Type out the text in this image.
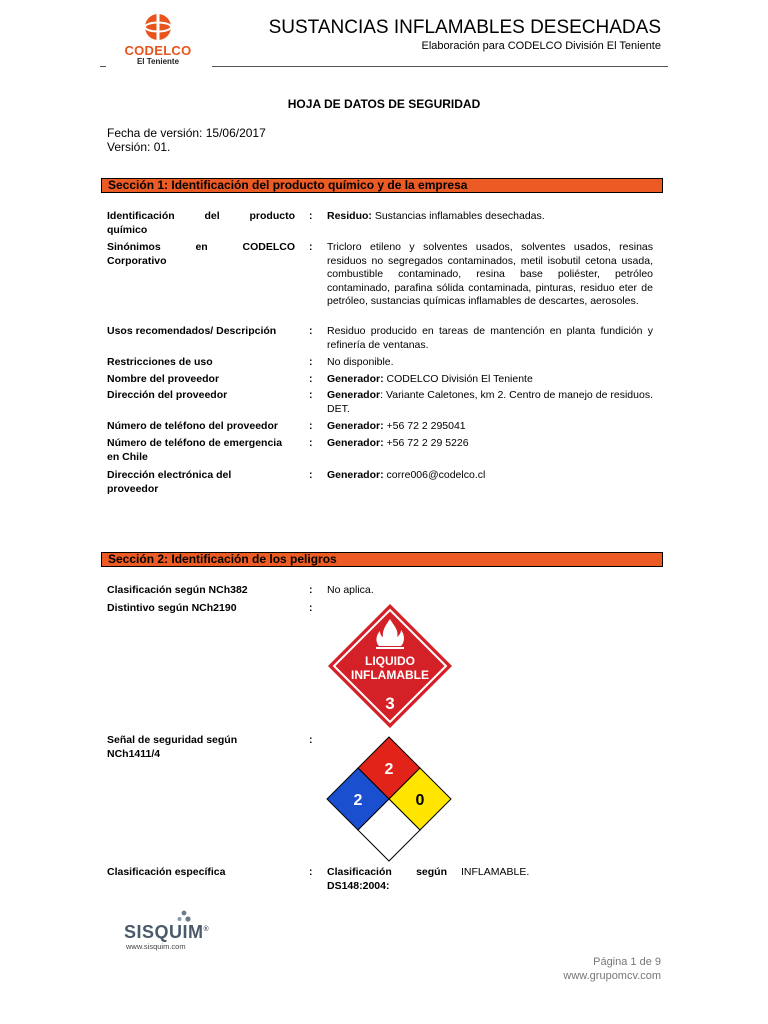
CODELCO
El Teniente
SUSTANCIAS INFLAMABLES DESECHADAS
Elaboración para CODELCO División El Teniente
HOJA DE DATOS DE SEGURIDAD
Fecha de versión: 15/06/2017
Versión: 01.
Sección 1: Identificación del producto químico y de la empresa
Identificación del producto
químico
: Residuo: Sustancias inflamables desechadas.
Sinónimos en CODELCO
Corporativo
: Tricloro etileno y solventes usados, solventes usados, resinas residuos no segregados contaminados, metil isobutil cetona usada, combustible contaminado, resina base poliéster, petróleo contaminado, parafina sólida contaminada, pinturas, residuo eter de petróleo, sustancias químicas inflamables de descartes, aerosoles.
Usos recomendados/ Descripción	: Residuo producido en tareas de mantención en planta fundición y refinería de ventanas.
Restricciones de uso	: No disponible.
Nombre del proveedor	: Generador: CODELCO División El Teniente
Dirección del proveedor	: Generador: Variante Caletones, km 2. Centro de manejo de residuos. DET.
Número de teléfono del proveedor	: Generador: +56 72 2 295041
Número de teléfono de emergencia
en Chile
: Generador: +56 72 2 29 5226
Dirección electrónica del
proveedor
: Generador: corre006@codelco.cl
Sección 2: Identificación de los peligros
Clasificación según NCh382	: No aplica.
Distintivo según NCh2190	:
LIQUIDO
INFLAMABLE
3
Señal de seguridad según
NCh1411/4
:
2
2	0
Clasificación específica	: Clasificación según
DS148:2004:
INFLAMABLE.
SISQUIM®
www.sisquim.com
Página 1 de 9
www.grupomcv.com
